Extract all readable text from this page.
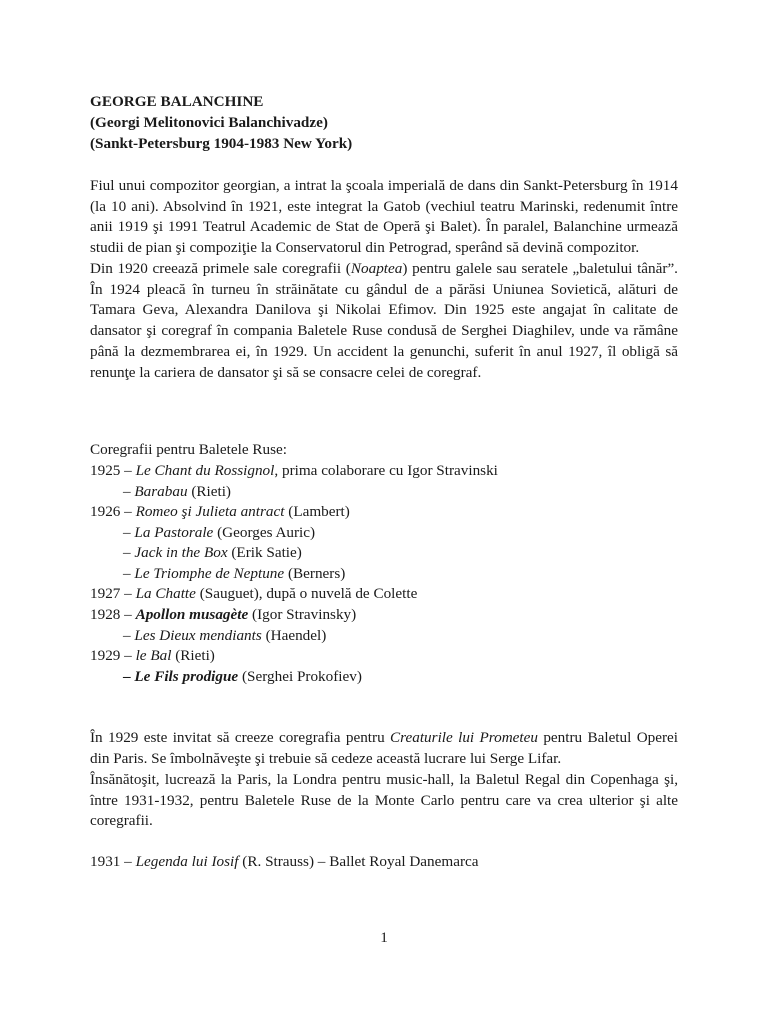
GEORGE BALANCHINE
(Georgi Melitonovici Balanchivadze)
(Sankt-Petersburg 1904-1983 New York)

Fiul unui compozitor georgian, a intrat la şcoala imperială de dans din Sankt-Petersburg în 1914 (la 10 ani). Absolvind în 1921, este integrat la Gatob (vechiul teatru Marinski, redenumit între anii 1919 şi 1991 Teatrul Academic de Stat de Operă şi Balet). În paralel, Balanchine urmează studii de pian şi compoziţie la Conservatorul din Petrograd, sperând să devină compozitor.

Din 1920 creează primele sale coregrafii (Noaptea) pentru galele sau seratele „baletului tânăr”. În 1924 pleacă în turneu în străinătate cu gândul de a părăsi Uniunea Sovietică, alături de Tamara Geva, Alexandra Danilova şi Nikolai Efimov. Din 1925 este angajat în calitate de dansator şi coregraf în compania Baletele Ruse condusă de Serghei Diaghilev, unde va rămâne până la dezmembrarea ei, în 1929. Un accident la genunchi, suferit în anul 1927, îl obligă să renunţe la cariera de dansator şi să se consacre celei de coregraf.

Coregrafii pentru Baletele Ruse:
1925 – Le Chant du Rossignol, prima colaborare cu Igor Stravinski
– Barabau (Rieti)
1926 – Romeo şi Julieta antract (Lambert)
– La Pastorale (Georges Auric)
– Jack in the Box (Erik Satie)
– Le Triomphe de Neptune (Berners)
1927 – La Chatte (Sauguet), după o nuvelă de Colette
1928 – Apollon musagète (Igor Stravinsky)
– Les Dieux mendiants (Haendel)
1929 – le Bal (Rieti)
– Le Fils prodigue (Serghei Prokofiev)

În 1929 este invitat să creeze coregrafia pentru Creaturile lui Prometeu pentru Baletul Operei din Paris. Se îmbolnăveşte şi trebuie să cedeze această lucrare lui Serge Lifar.

Însănătoşit, lucrează la Paris, la Londra pentru music-hall, la Baletul Regal din Copenhaga şi, între 1931-1932, pentru Baletele Ruse de la Monte Carlo pentru care va crea ulterior şi alte coregrafii.

1931 – Legenda lui Iosif (R. Strauss) – Ballet Royal Danemarca
1
